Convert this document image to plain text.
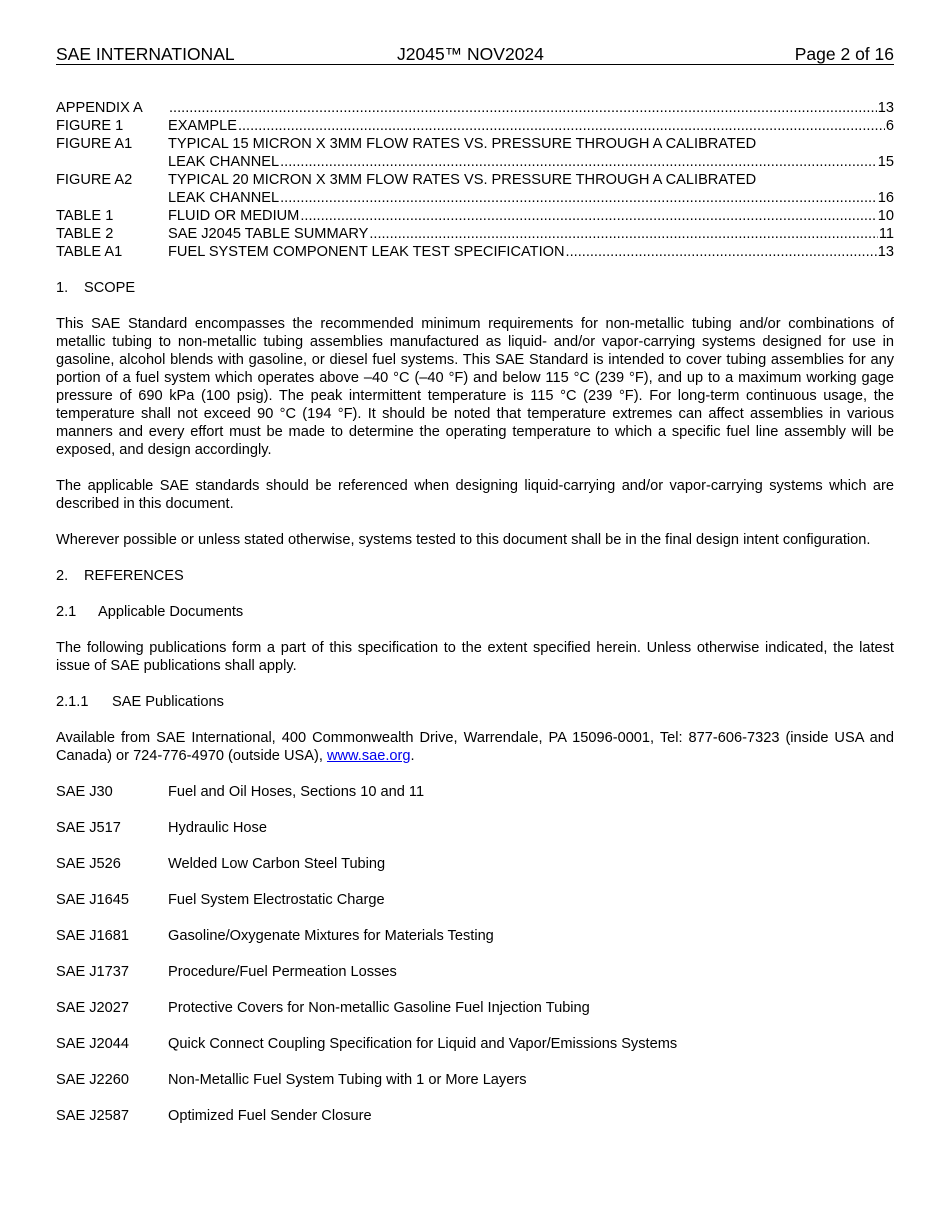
SAE INTERNATIONAL	J2045™ NOV2024	Page 2 of 16
APPENDIX A .....	13
FIGURE 1	EXAMPLE .....	6
FIGURE A1	TYPICAL 15 MICRON X 3MM FLOW RATES VS. PRESSURE THROUGH A CALIBRATED
LEAK CHANNEL .....	15
FIGURE A2	TYPICAL 20 MICRON X 3MM FLOW RATES VS. PRESSURE THROUGH A CALIBRATED
LEAK CHANNEL .....	16
TABLE 1	FLUID OR MEDIUM .....	10
TABLE 2	SAE J2045 TABLE SUMMARY .....	11
TABLE A1	FUEL SYSTEM COMPONENT LEAK TEST SPECIFICATION .....	13
1. SCOPE

This SAE Standard encompasses the recommended minimum requirements for non-metallic tubing and/or combinations of metallic tubing to non-metallic tubing assemblies manufactured as liquid- and/or vapor-carrying systems designed for use in gasoline, alcohol blends with gasoline, or diesel fuel systems. This SAE Standard is intended to cover tubing assemblies for any portion of a fuel system which operates above –40 °C (–40 °F) and below 115 °C (239 °F), and up to a maximum working gage pressure of 690 kPa (100 psig). The peak intermittent temperature is 115 °C (239 °F). For long-term continuous usage, the temperature shall not exceed 90 °C (194 °F). It should be noted that temperature extremes can affect assemblies in various manners and every effort must be made to determine the operating temperature to which a specific fuel line assembly will be exposed, and design accordingly.

The applicable SAE standards should be referenced when designing liquid-carrying and/or vapor-carrying systems which are described in this document.

Wherever possible or unless stated otherwise, systems tested to this document shall be in the final design intent configuration.

2. REFERENCES
2.1 Applicable Documents

The following publications form a part of this specification to the extent specified herein. Unless otherwise indicated, the latest issue of SAE publications shall apply.

2.1.1 SAE Publications

Available from SAE International, 400 Commonwealth Drive, Warrendale, PA 15096-0001, Tel: 877-606-7323 (inside USA and Canada) or 724-776-4970 (outside USA), www.sae.org.

SAE J30	Fuel and Oil Hoses, Sections 10 and 11
SAE J517	Hydraulic Hose
SAE J526	Welded Low Carbon Steel Tubing
SAE J1645	Fuel System Electrostatic Charge
SAE J1681	Gasoline/Oxygenate Mixtures for Materials Testing
SAE J1737	Procedure/Fuel Permeation Losses
SAE J2027	Protective Covers for Non-metallic Gasoline Fuel Injection Tubing
SAE J2044	Quick Connect Coupling Specification for Liquid and Vapor/Emissions Systems
SAE J2260	Non-Metallic Fuel System Tubing with 1 or More Layers
SAE J2587	Optimized Fuel Sender Closure
